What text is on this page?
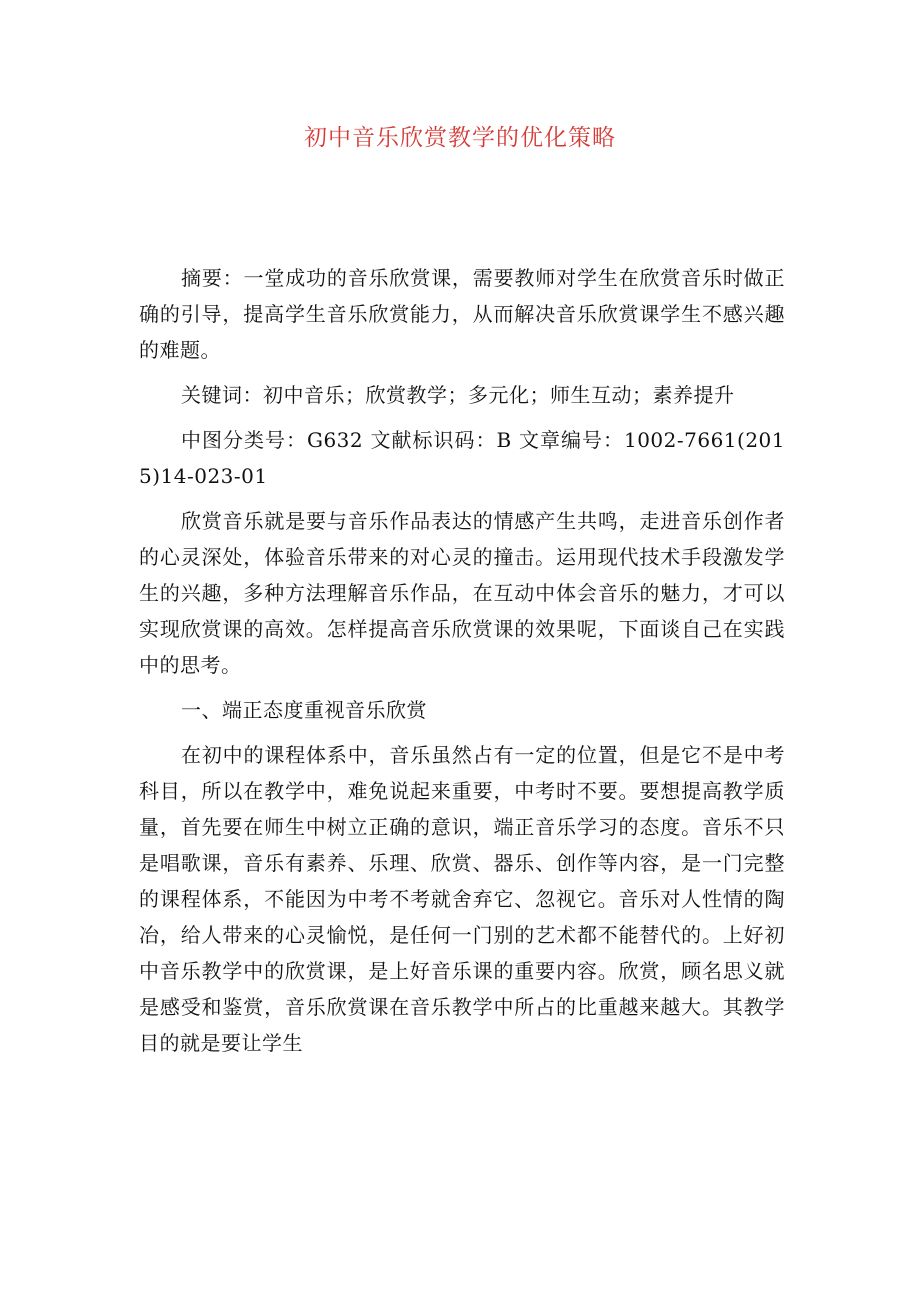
初中音乐欣赏教学的优化策略

摘要：一堂成功的音乐欣赏课，需要教师对学生在欣赏音乐时做正确的引导，提高学生音乐欣赏能力，从而解决音乐欣赏课学生不感兴趣的难题。

关键词：初中音乐；欣赏教学；多元化；师生互动；素养提升

中图分类号：G632 文献标识码：B 文章编号：1002-7661(2015)14-023-01

欣赏音乐就是要与音乐作品表达的情感产生共鸣，走进音乐创作者的心灵深处，体验音乐带来的对心灵的撞击。运用现代技术手段激发学生的兴趣，多种方法理解音乐作品，在互动中体会音乐的魅力，才可以实现欣赏课的高效。怎样提高音乐欣赏课的效果呢，下面谈自己在实践中的思考。

一、端正态度重视音乐欣赏

在初中的课程体系中，音乐虽然占有一定的位置，但是它不是中考科目，所以在教学中，难免说起来重要，中考时不要。要想提高教学质量，首先要在师生中树立正确的意识，端正音乐学习的态度。音乐不只是唱歌课，音乐有素养、乐理、欣赏、器乐、创作等内容，是一门完整的课程体系，不能因为中考不考就舍弃它、忽视它。音乐对人性情的陶冶，给人带来的心灵愉悦，是任何一门别的艺术都不能替代的。上好初中音乐教学中的欣赏课，是上好音乐课的重要内容。欣赏，顾名思义就是感受和鉴赏，音乐欣赏课在音乐教学中所占的比重越来越大。其教学目的就是要让学生
